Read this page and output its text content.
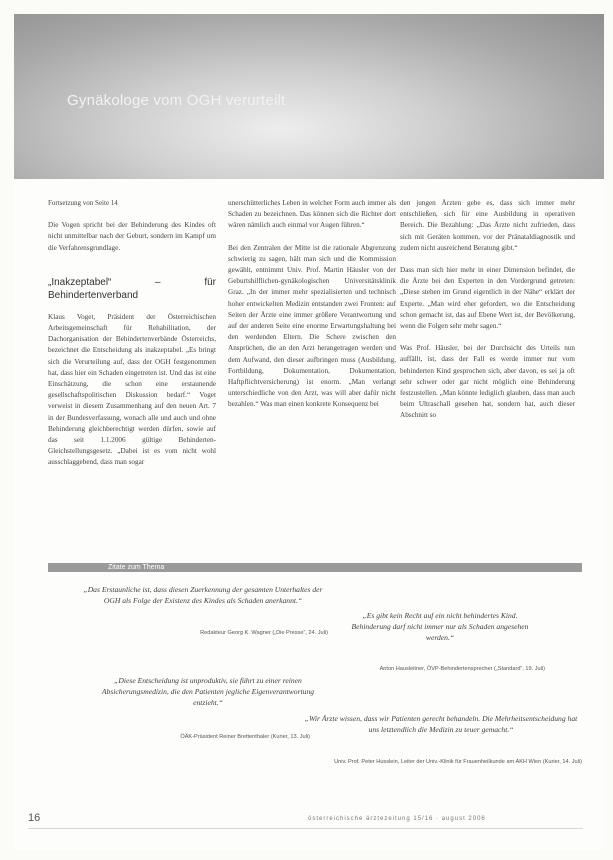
Gynäkologe vom OGH verurteilt

Fortsetzung von Seite 14

Die Vogen spricht bei der Behinderung des Kindes oft nicht unmittelbar nach der Geburt, sondern im Kampf um die Verfahrensgrundlage.

„Inakzeptabel“ – für Behindertenverband

Klaus Voget, Präsident der Österreichischen Arbeitsgemeinschaft für Rehabilitation, der Dachorganisation der Behindertenverbände Österreichs, bezeichnet die Entscheidung als inakzeptabel. „Es bringt sich die Verurteilung auf, dass der OGH festgenommen hat, dass hier ein Schaden eingetreten ist. Und das ist eine Einschätzung, die schon eine erstaunende gesellschaftspolitischen Diskussion bedarf.“ Voget verweist in diesem Zusammenhang auf den neuen Art. 7 in der Bundesverfassung, wonach alle und auch und ohne Behinderung gleichberechtigt werden dürfen, sowie auf das seit 1.1.2006 gültige Behinderten-Gleichstellungsgesetz. „Dabei ist es vom nicht wohl ausschlaggebend, dass man sogar

unerschütterliches Leben in welcher Form auch immer als Schaden zu bezeichnen. Das können sich die Richter dort wären nämlich auch einmal vor Augen führen.“

Bei den Zentralen der Mitte ist die rationale Abgrenzung schwierig zu sagen, hält man sich und die Kommission gewählt, entnimmt Univ. Prof. Martin Häusler von der Geburtshilflichen-gynäkologischen Universitätsklinik Graz. „In der immer mehr spezialisierten und technisch hoher entwickelten Medizin entstanden zwei Fronten: auf Seiten der Ärzte eine immer größere Verantwortung und auf der anderen Seite eine enorme Erwartungshaltung bei den werdenden Eltern. Die Schere zwischen den Ansprüchen, die an den Arzt herangetragen werden und dem Aufwand, den dieser aufbringen muss (Ausbildung, Fortbildung, Dokumentation, Dokumentation, Haftpflichtversicherung) ist enorm. „Man verlangt unterschiedliche von den Arzt, was will aber dafür nicht bezahlen.“ Was man einen konkrete Konsequenz bei

den jungen Ärzten gebe es, dass sich immer mehr entschließen, sich für eine Ausbildung in operativen Bereich. Die Bezahlung: „Das Ärzte nicht zufrieden, dass sich mit Geräten kommen, vor der Pränataldiagnostik und zudem nicht ausreichend Beratung gibt.“

Dass man sich hier mehr in einer Dimension befindet, die die Ärzte bei den Experten in den Vordergrund getreten: „Diese stehen im Grund eigentlich in der Nähe“ erklärt der Experte. „Man wird eher gefordert, wo die Entscheidung schon gemacht ist, das auf Ebene Wert ist, der Bevölkerung, wenn die Folgen sehr mehr sagen.“

Was Prof. Häusler, bei der Durchsicht des Urteils nun auffällt, ist, dass der Fall es werde immer nur vom behinderten Kind gesprochen sich, aber davon, es sei ja oft sehr schwer oder gar nicht möglich eine Behinderung festzustellen. „Man könnte lediglich glauben, dass man auch beim Ultraschall gesehen hat, sondern hat, auch dieser Abschnitt so

Zitate zum Thema
„Das Erstaunliche ist, dass diesen Zuerkennung der gesamten Unterhaltes der OGH als Folge der Existenz des Kindes als Schaden anerkannt.“
Redakteur Georg K. Wagner („Die Presse“, 24. Juli)
„Es gibt kein Recht auf ein nicht behindertes Kind. Behinderung darf nicht immer nur als Schaden angesehen werden.“
Anton Hausleitner, ÖVP-Behindertensprecher („Standard“, 19. Juli)
„Diese Entscheidung ist unproduktiv, sie führt zu einer reinen Absicherungsmedizin, die den Patienten jegliche Eigenverantwortung entzieht.“
ÖÄK-Präsident Reiner Brettenthaler (Kurier, 13. Juli)
„Wir Ärzte wissen, dass wir Patienten gerecht behandeln. Die Mehrheitsentscheidung hat uns letztendlich die Medizin zu teuer gemacht.“
Univ. Prof. Peter Husslein, Leiter der Univ.-Klinik für Frauenheilkunde am AKH Wien (Kurier, 14. Juli)
16	österreichische ärztezeitung 15/16 · august 2006
